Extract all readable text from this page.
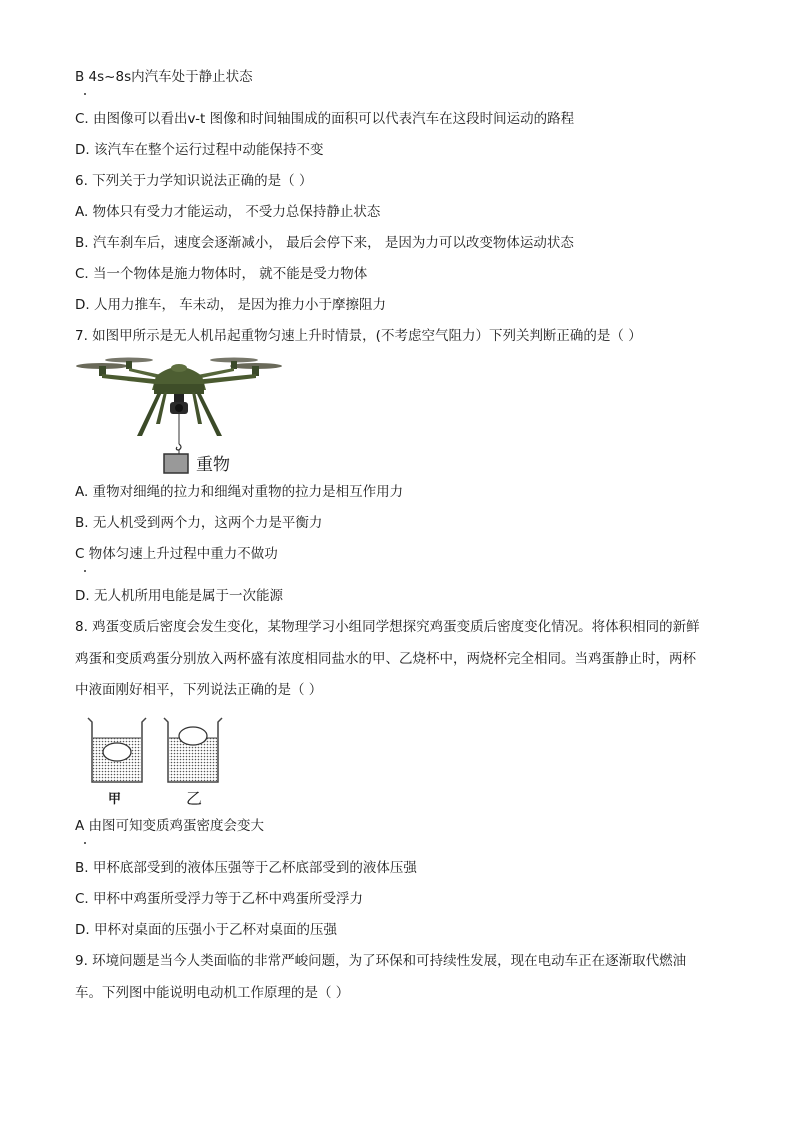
B 4s~8s内汽车处于静止状态
C. 由图像可以看出v-t 图像和时间轴围成的面积可以代表汽车在这段时间运动的路程
D. 该汽车在整个运行过程中动能保持不变
6. 下列关于力学知识说法正确的是（ ）
A. 物体只有受力才能运动， 不受力总保持静止状态
B. 汽车刹车后，速度会逐渐减小， 最后会停下来， 是因为力可以改变物体运动状态
C. 当一个物体是施力物体时， 就不能是受力物体
D. 人用力推车， 车未动， 是因为推力小于摩擦阻力
7. 如图甲所示是无人机吊起重物匀速上升时情景，(不考虑空气阻力）下列关判断正确的是（ ）
重物
A. 重物对细绳的拉力和细绳对重物的拉力是相互作用力
B. 无人机受到两个力，这两个力是平衡力
C 物体匀速上升过程中重力不做功
D. 无人机所用电能是属于一次能源
8. 鸡蛋变质后密度会发生变化，某物理学习小组同学想探究鸡蛋变质后密度变化情况。将体积相同的新鲜
鸡蛋和变质鸡蛋分别放入两杯盛有浓度相同盐水的甲、乙烧杯中，两烧杯完全相同。当鸡蛋静止时，两杯
中液面刚好相平，下列说法正确的是（ ）
甲	乙
A 由图可知变质鸡蛋密度会变大
B. 甲杯底部受到的液体压强等于乙杯底部受到的液体压强
C. 甲杯中鸡蛋所受浮力等于乙杯中鸡蛋所受浮力
D. 甲杯对桌面的压强小于乙杯对桌面的压强
9. 环境问题是当今人类面临的非常严峻问题，为了环保和可持续性发展，现在电动车正在逐渐取代燃油
车。下列图中能说明电动机工作原理的是（ ）
